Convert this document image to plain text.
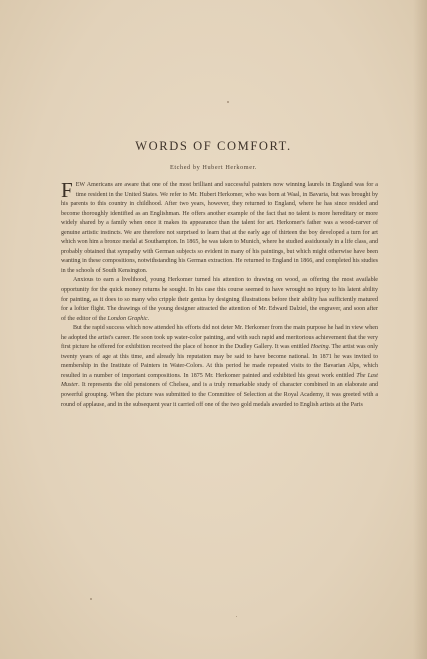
WORDS OF COMFORT.
Etched by Hubert Herkomer.

FEW Americans are aware that one of the most brilliant and successful painters now winning laurels in England was for a time resident in the United States. We refer to Mr. Hubert Herkomer, who was born at Waal, in Bavaria, but was brought by his parents to this country in childhood. After two years, however, they returned to England, where he has since resided and become thoroughly identified as an Englishman. He offers another example of the fact that no talent is more hereditary or more widely shared by a family when once it makes its appearance than the talent for art. Herkomer's father was a wood-carver of genuine artistic instincts. We are therefore not surprised to learn that at the early age of thirteen the boy developed a turn for art which won him a bronze medal at Southampton. In 1865, he was taken to Munich, where he studied assiduously in a life class, and probably obtained that sympathy with German subjects so evident in many of his paintings, but which might otherwise have been wanting in these compositions, notwithstanding his German extraction. He returned to England in 1866, and completed his studies in the schools of South Kensington.

Anxious to earn a livelihood, young Herkomer turned his attention to drawing on wood, as offering the most available opportunity for the quick money returns he sought. In his case this course seemed to have wrought no injury to his latent ability for painting, as it does to so many who cripple their genius by designing illustrations before their ability has sufficiently matured for a loftier flight. The drawings of the young designer attracted the attention of Mr. Edward Dalziel, the engraver, and soon after of the editor of the London Graphic.

But the rapid success which now attended his efforts did not deter Mr. Herkomer from the main purpose he had in view when he adopted the artist's career. He soon took up water-color painting, and with such rapid and meritorious achievement that the very first picture he offered for exhibition received the place of honor in the Dudley Gallery. It was entitled Hoeing. The artist was only twenty years of age at this time, and already his reputation may be said to have become national. In 1871 he was invited to membership in the Institute of Painters in Water-Colors. At this period he made repeated visits to the Bavarian Alps, which resulted in a number of important compositions. In 1875 Mr. Herkomer painted and exhibited his great work entitled The Last Muster. It represents the old pensioners of Chelsea, and is a truly remarkable study of character combined in an elaborate and powerful grouping. When the picture was submitted to the Committee of Selection at the Royal Academy, it was greeted with a round of applause, and in the subsequent year it carried off one of the two gold medals awarded to English artists at the Paris
